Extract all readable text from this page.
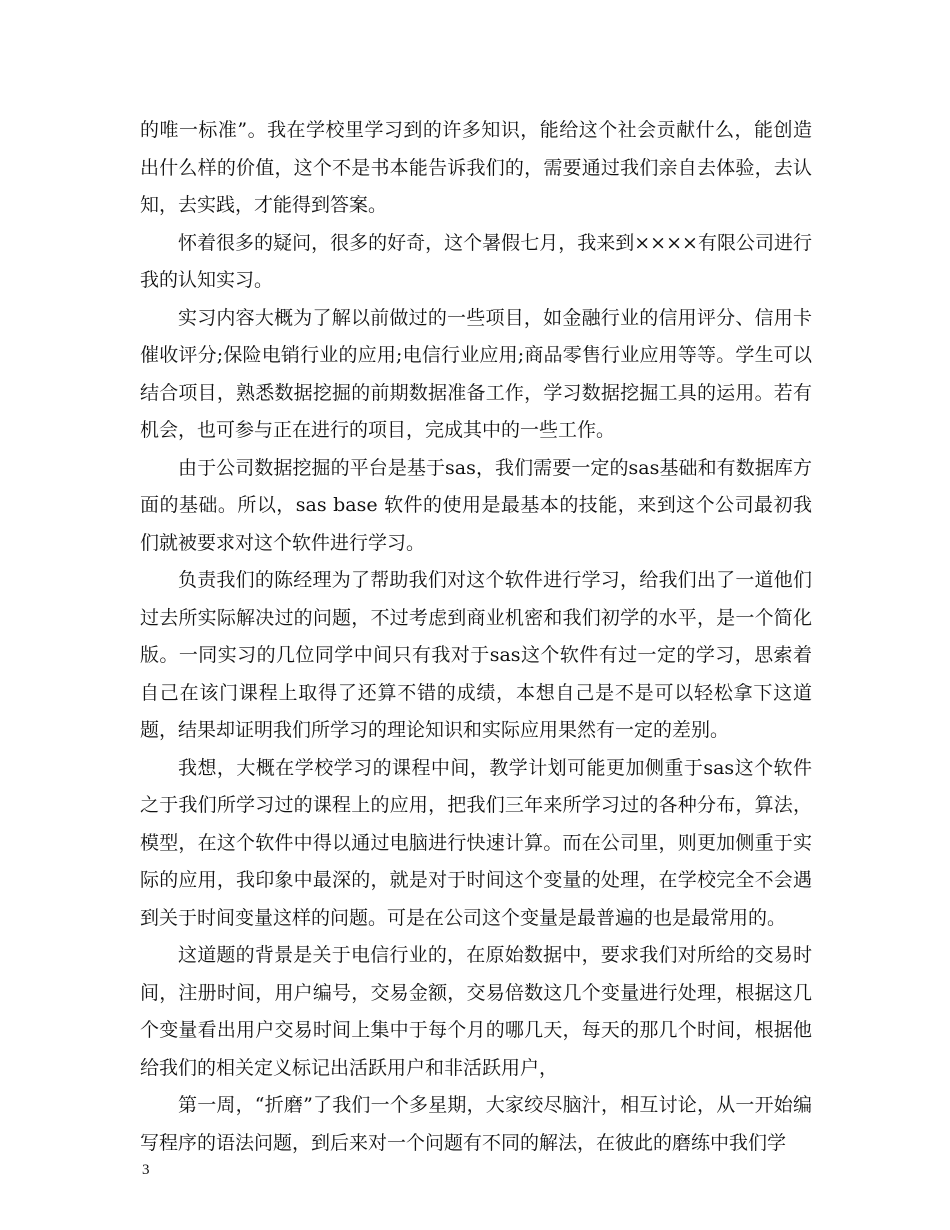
的唯一标准”。我在学校里学习到的许多知识，能给这个社会贡献什么，能创造出什么样的价值，这个不是书本能告诉我们的，需要通过我们亲自去体验，去认知，去实践，才能得到答案。

怀着很多的疑问，很多的好奇，这个暑假七月，我来到××××有限公司进行我的认知实习。

实习内容大概为了解以前做过的一些项目，如金融行业的信用评分、信用卡催收评分;保险电销行业的应用;电信行业应用;商品零售行业应用等等。学生可以结合项目，熟悉数据挖掘的前期数据准备工作，学习数据挖掘工具的运用。若有机会，也可参与正在进行的项目，完成其中的一些工作。

由于公司数据挖掘的平台是基于sas，我们需要一定的sas基础和有数据库方面的基础。所以，sas base 软件的使用是最基本的技能，来到这个公司最初我们就被要求对这个软件进行学习。

负责我们的陈经理为了帮助我们对这个软件进行学习，给我们出了一道他们过去所实际解决过的问题，不过考虑到商业机密和我们初学的水平，是一个简化版。一同实习的几位同学中间只有我对于sas这个软件有过一定的学习，思索着自己在该门课程上取得了还算不错的成绩，本想自己是不是可以轻松拿下这道题，结果却证明我们所学习的理论知识和实际应用果然有一定的差别。

我想，大概在学校学习的课程中间，教学计划可能更加侧重于sas这个软件之于我们所学习过的课程上的应用，把我们三年来所学习过的各种分布，算法，模型，在这个软件中得以通过电脑进行快速计算。而在公司里，则更加侧重于实际的应用，我印象中最深的，就是对于时间这个变量的处理，在学校完全不会遇到关于时间变量这样的问题。可是在公司这个变量是最普遍的也是最常用的。

这道题的背景是关于电信行业的，在原始数据中，要求我们对所给的交易时间，注册时间，用户编号，交易金额，交易倍数这几个变量进行处理，根据这几个变量看出用户交易时间上集中于每个月的哪几天，每天的那几个时间，根据他给我们的相关定义标记出活跃用户和非活跃用户，

第一周，“折磨”了我们一个多星期，大家绞尽脑汁，相互讨论，从一开始编写程序的语法问题，到后来对一个问题有不同的解法，在彼此的磨练中我们学

3
